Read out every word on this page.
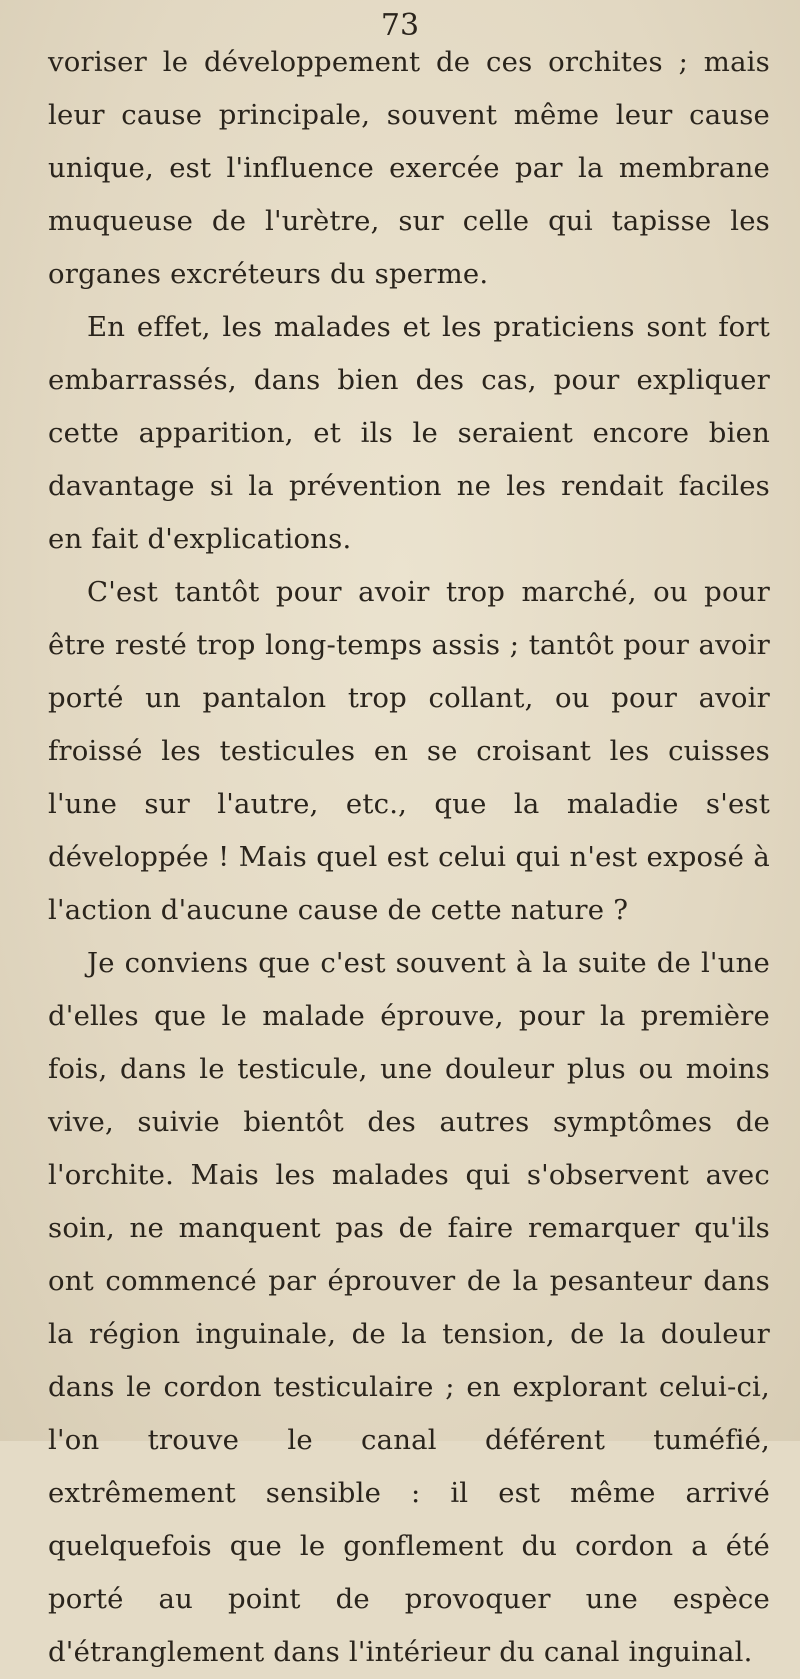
73

voriser le développement de ces orchites ; mais leur cause principale, souvent même leur cause unique, est l'influence exercée par la membrane muqueuse de l'urètre, sur celle qui tapisse les organes excréteurs du sperme.

En effet, les malades et les praticiens sont fort embarrassés, dans bien des cas, pour expliquer cette apparition, et ils le seraient encore bien davantage si la prévention ne les rendait faciles en fait d'explications.

C'est tantôt pour avoir trop marché, ou pour être resté trop long-temps assis ; tantôt pour avoir porté un pantalon trop collant, ou pour avoir froissé les testicules en se croisant les cuisses l'une sur l'autre, etc., que la maladie s'est développée ! Mais quel est celui qui n'est exposé à l'action d'aucune cause de cette nature ?

Je conviens que c'est souvent à la suite de l'une d'elles que le malade éprouve, pour la première fois, dans le testicule, une douleur plus ou moins vive, suivie bientôt des autres symptômes de l'orchite. Mais les malades qui s'observent avec soin, ne manquent pas de faire remarquer qu'ils ont commencé par éprouver de la pesanteur dans la région inguinale, de la tension, de la douleur dans le cordon testiculaire ; en explorant celui-ci, l'on trouve le canal déférent tuméfié, extrêmement sensible : il est même arrivé quelquefois que le gonflement du cordon a été porté au point de provoquer une espèce d'étranglement dans l'intérieur du canal inguinal.
